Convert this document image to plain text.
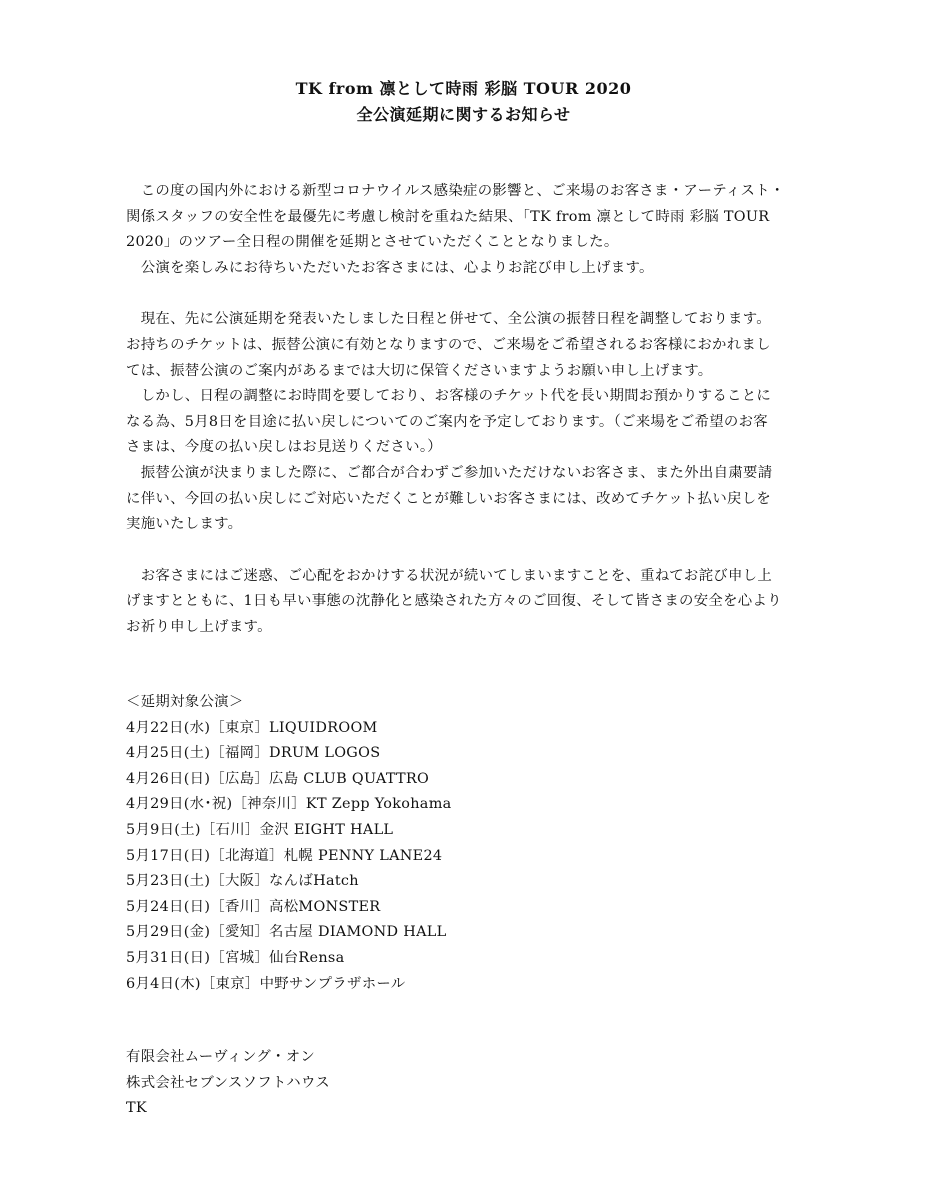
TK from 凛として時雨 彩脳 TOUR 2020
全公演延期に関するお知らせ
　この度の国内外における新型コロナウイルス感染症の影響と、ご来場のお客さま・アーティスト・
関係スタッフの安全性を最優先に考慮し検討を重ねた結果、「TK from 凛として時雨 彩脳 TOUR
2020」のツアー全日程の開催を延期とさせていただくこととなりました。
　公演を楽しみにお待ちいただいたお客さまには、心よりお詫び申し上げます。
　現在、先に公演延期を発表いたしました日程と併せて、全公演の振替日程を調整しております。
お持ちのチケットは、振替公演に有効となりますので、ご来場をご希望されるお客様におかれまし
ては、振替公演のご案内があるまでは大切に保管くださいますようお願い申し上げます。
　しかし、日程の調整にお時間を要しており、お客様のチケット代を長い期間お預かりすることに
なる為、5月8日を目途に払い戻しについてのご案内を予定しております。（ご来場をご希望のお客
さまは、今度の払い戻しはお見送りください。）
　振替公演が決まりました際に、ご都合が合わずご参加いただけないお客さま、また外出自粛要請
に伴い、今回の払い戻しにご対応いただくことが難しいお客さまには、改めてチケット払い戻しを
実施いたします。
　お客さまにはご迷惑、ご心配をおかけする状況が続いてしまいますことを、重ねてお詫び申し上
げますとともに、1日も早い事態の沈静化と感染された方々のご回復、そして皆さまの安全を心より
お祈り申し上げます。
＜延期対象公演＞
4月22日(水)［東京］LIQUIDROOM
4月25日(土)［福岡］DRUM LOGOS
4月26日(日)［広島］広島 CLUB QUATTRO
4月29日(水･祝)［神奈川］KT Zepp Yokohama
5月9日(土)［石川］金沢 EIGHT HALL
5月17日(日)［北海道］札幌 PENNY LANE24
5月23日(土)［大阪］なんばHatch
5月24日(日)［香川］高松MONSTER
5月29日(金)［愛知］名古屋 DIAMOND HALL
5月31日(日)［宮城］仙台Rensa
6月4日(木)［東京］中野サンプラザホール
有限会社ムーヴィング・オン
株式会社セブンスソフトハウス
TK
